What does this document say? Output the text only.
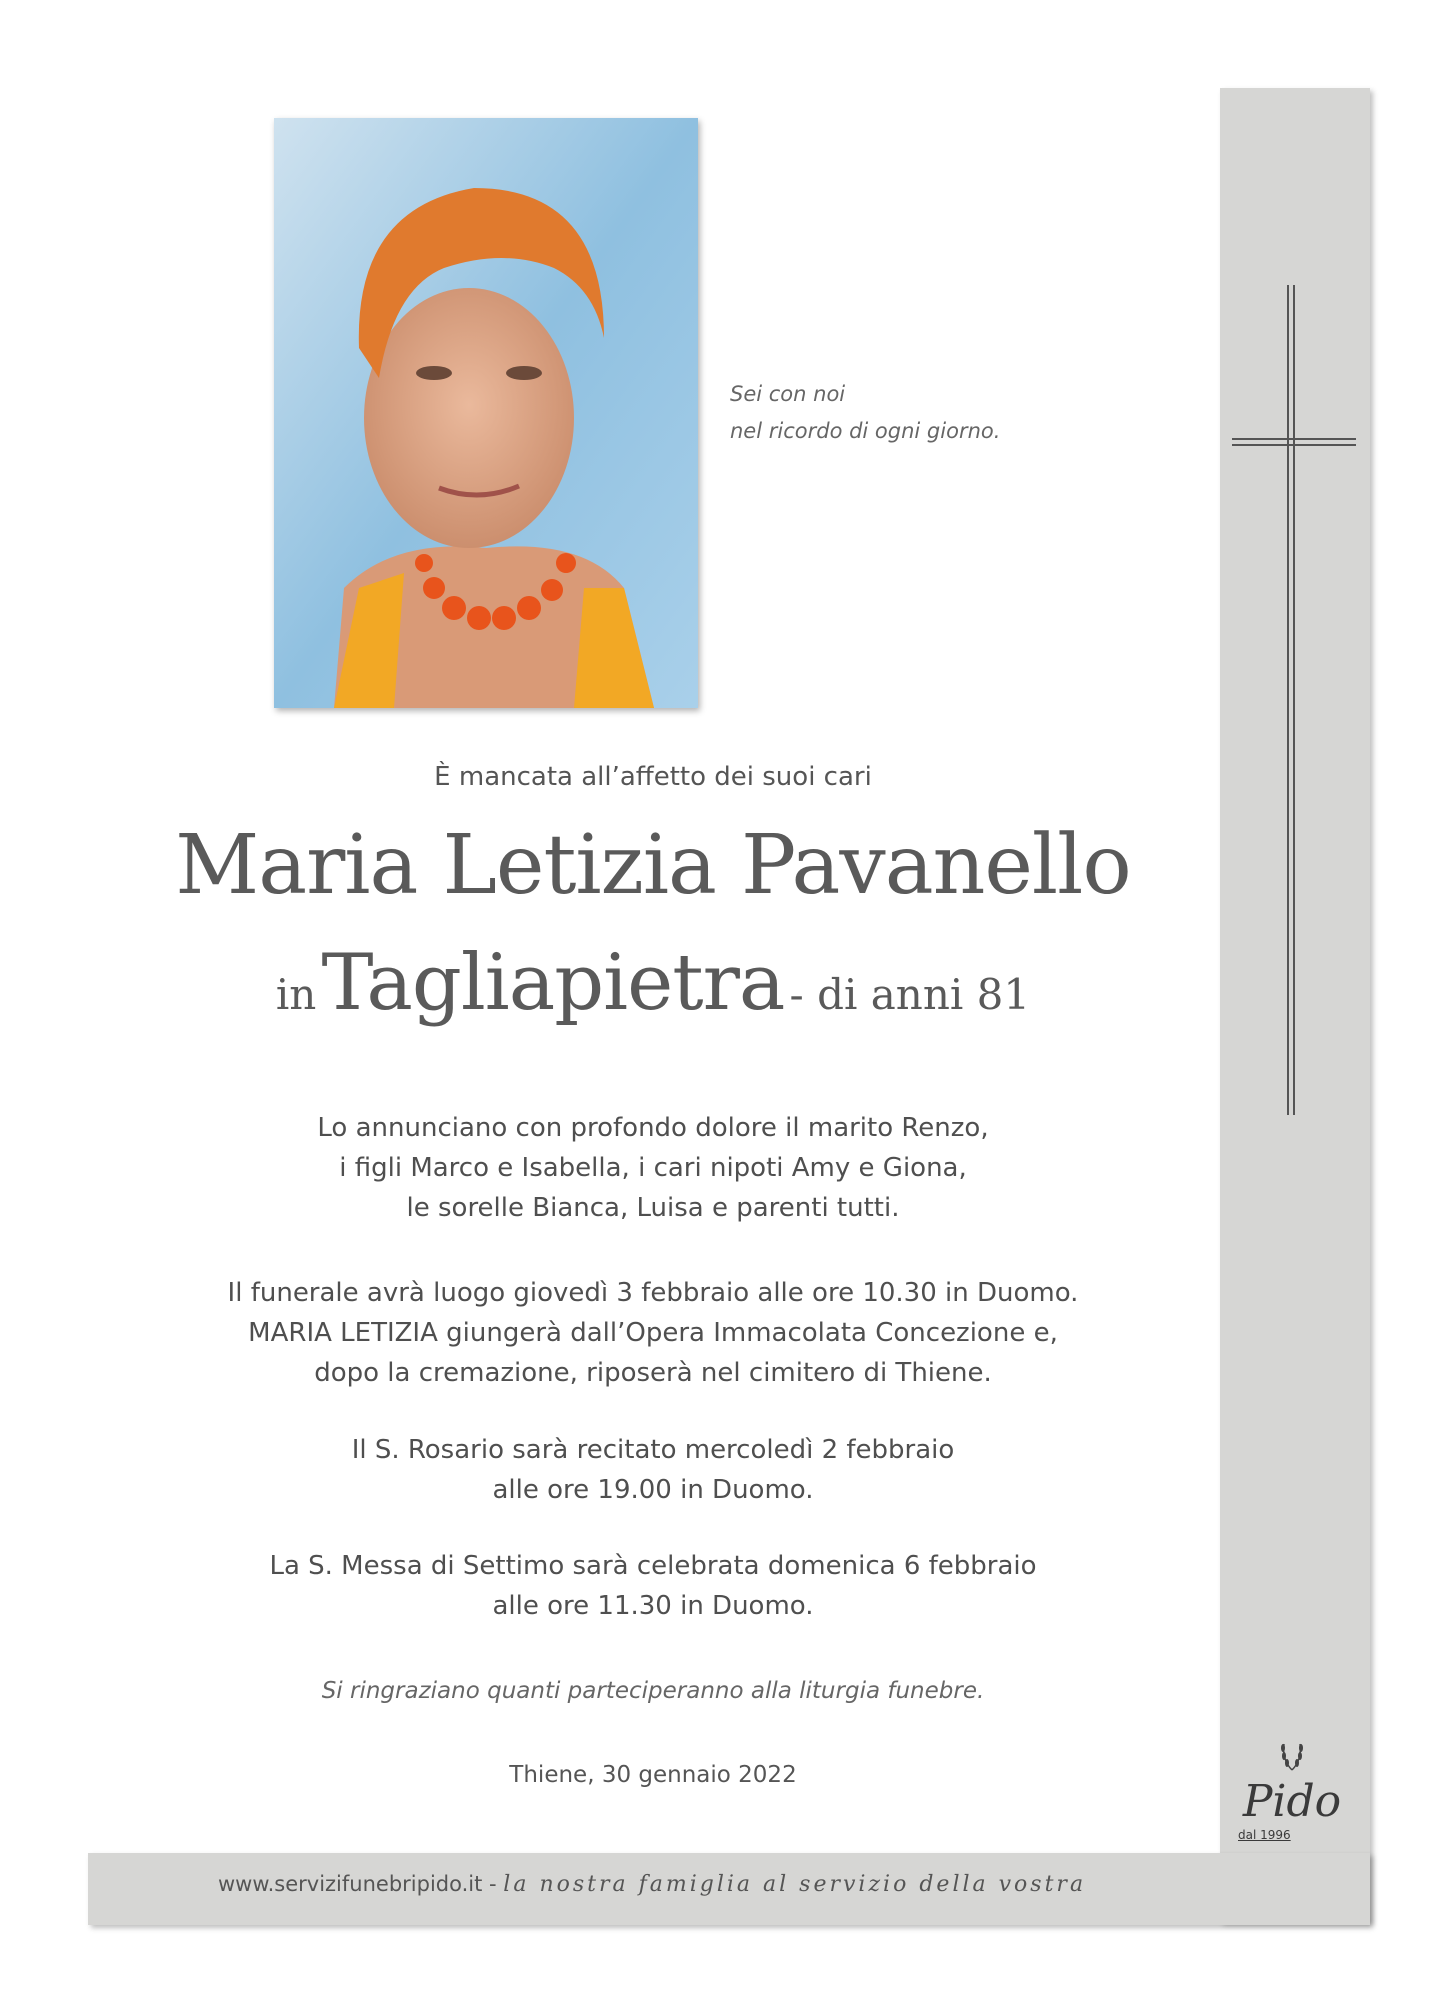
Sei con noi
nel ricordo di ogni giorno.
È mancata all’affetto dei suoi cari
Maria Letizia Pavanello
in Tagliapietra - di anni 81
Lo annunciano con profondo dolore il marito Renzo,
i figli Marco e Isabella, i cari nipoti Amy e Giona,
le sorelle Bianca, Luisa e parenti tutti.
Il funerale avrà luogo giovedì 3 febbraio alle ore 10.30 in Duomo.
MARIA LETIZIA giungerà dall’Opera Immacolata Concezione e,
dopo la cremazione, riposerà nel cimitero di Thiene.
Il S. Rosario sarà recitato mercoledì 2 febbraio
alle ore 19.00 in Duomo.
La S. Messa di Settimo sarà celebrata domenica 6 febbraio
alle ore 11.30 in Duomo.
Si ringraziano quanti parteciperanno alla liturgia funebre.
Thiene, 30 gennaio 2022
Pido
dal 1996
www.servizifunebripido.it - la nostra famiglia al servizio della vostra
